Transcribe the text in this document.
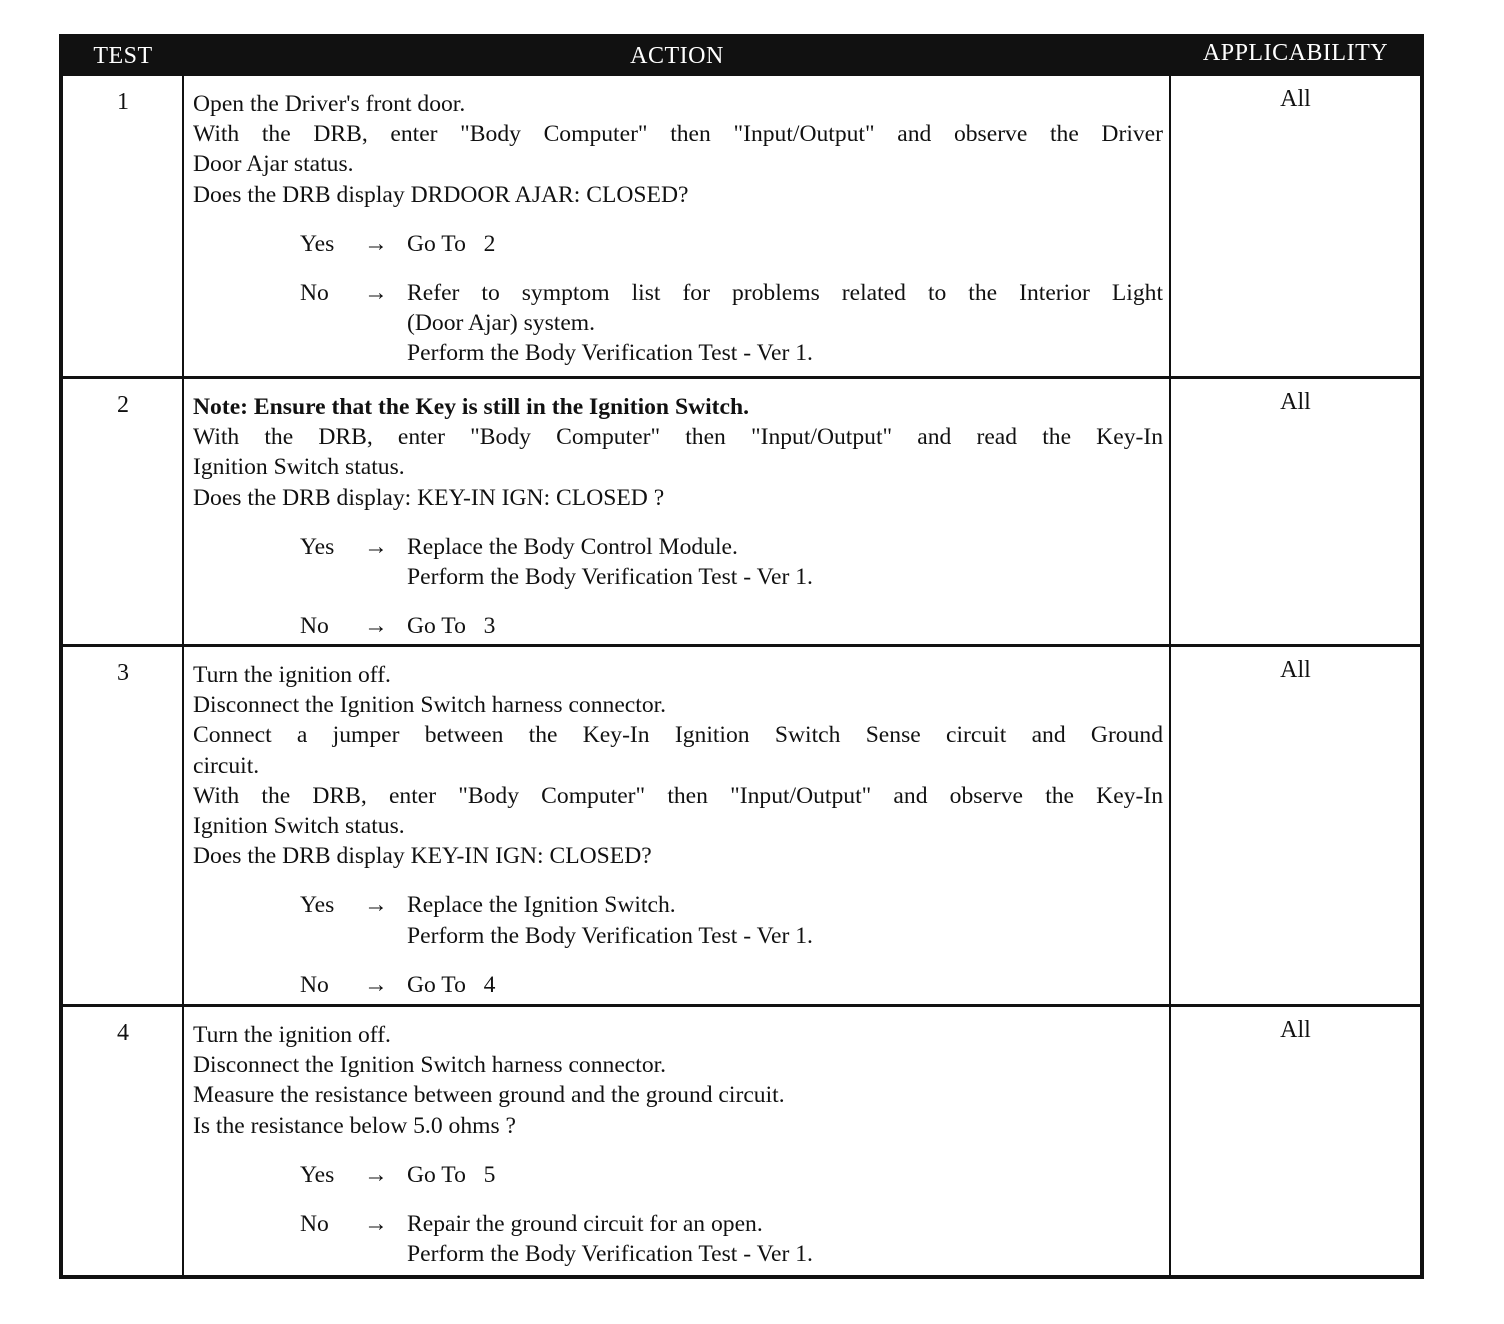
TEST	ACTION	APPLICABILITY
1	Open the Driver's front door.
With the DRB, enter "Body Computer" then "Input/Output" and observe the Driver
Door Ajar status.
Does the DRB display DRDOOR AJAR: CLOSED?
Yes → Go To   2
No → Refer to symptom list for problems related to the Interior Light
(Door Ajar) system.
Perform the Body Verification Test - Ver 1.
All
2	Note: Ensure that the Key is still in the Ignition Switch.
With the DRB, enter "Body Computer" then "Input/Output" and read the Key-In
Ignition Switch status.
Does the DRB display: KEY-IN IGN: CLOSED ?
Yes → Replace the Body Control Module.
Perform the Body Verification Test - Ver 1.
No → Go To   3
All
3	Turn the ignition off.
Disconnect the Ignition Switch harness connector.
Connect a jumper between the Key-In Ignition Switch Sense circuit and Ground
circuit.
With the DRB, enter "Body Computer" then "Input/Output" and observe the Key-In
Ignition Switch status.
Does the DRB display KEY-IN IGN: CLOSED?
Yes → Replace the Ignition Switch.
Perform the Body Verification Test - Ver 1.
No → Go To   4
All
4	Turn the ignition off.
Disconnect the Ignition Switch harness connector.
Measure the resistance between ground and the ground circuit.
Is the resistance below 5.0 ohms ?
Yes → Go To   5
No → Repair the ground circuit for an open.
Perform the Body Verification Test - Ver 1.
All
